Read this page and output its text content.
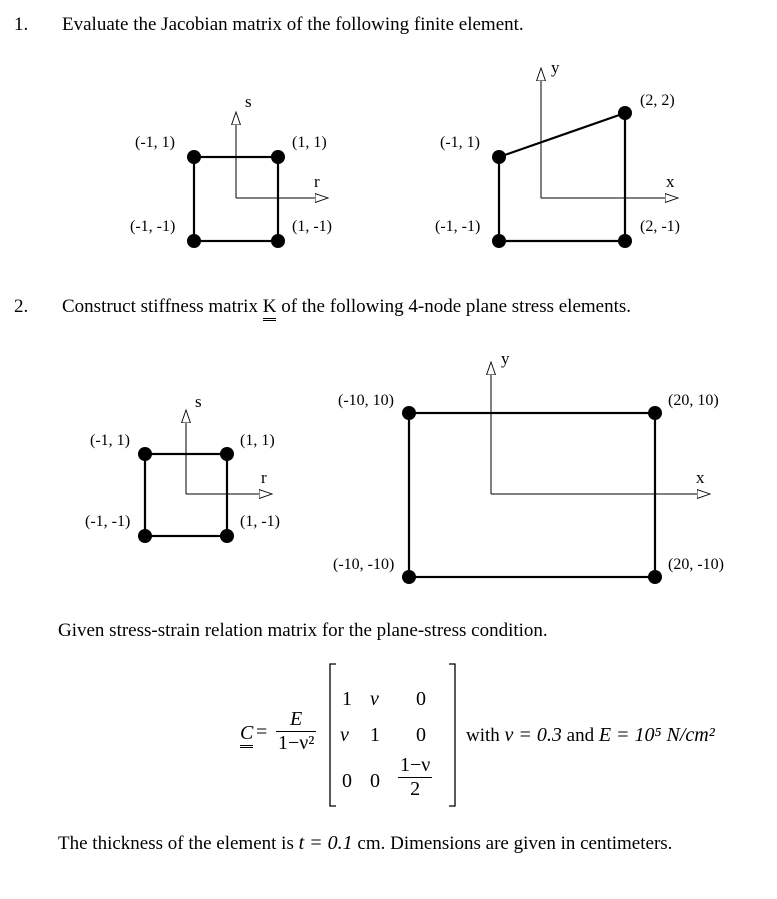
1. Evaluate the Jacobian matrix of the following finite element.
s
r
(-1, 1)	(1, 1)
(-1, -1)	(1, -1)
y
x
(-1, 1)
(2, 2)
(-1, -1)	(2, -1)
2. Construct stiffness matrix K of the following 4-node plane stress elements.
s
r
(-1, 1)	(1, 1)
(-1, -1)	(1, -1)
y
x
(-10, 10)	(20, 10)
(-10, -10)	(20, -10)
Given stress-strain relation matrix for the plane-stress condition.
$C = \frac{E}{\text{1−ν²}}$
1 ν 0
ν 1 0
0 $0 \frac{1-\nu}{2}$
with ν = 0.3 and E = 10⁵ N/cm²
The thickness of the element is t = 0.1 cm. Dimensions are given in centimeters.
